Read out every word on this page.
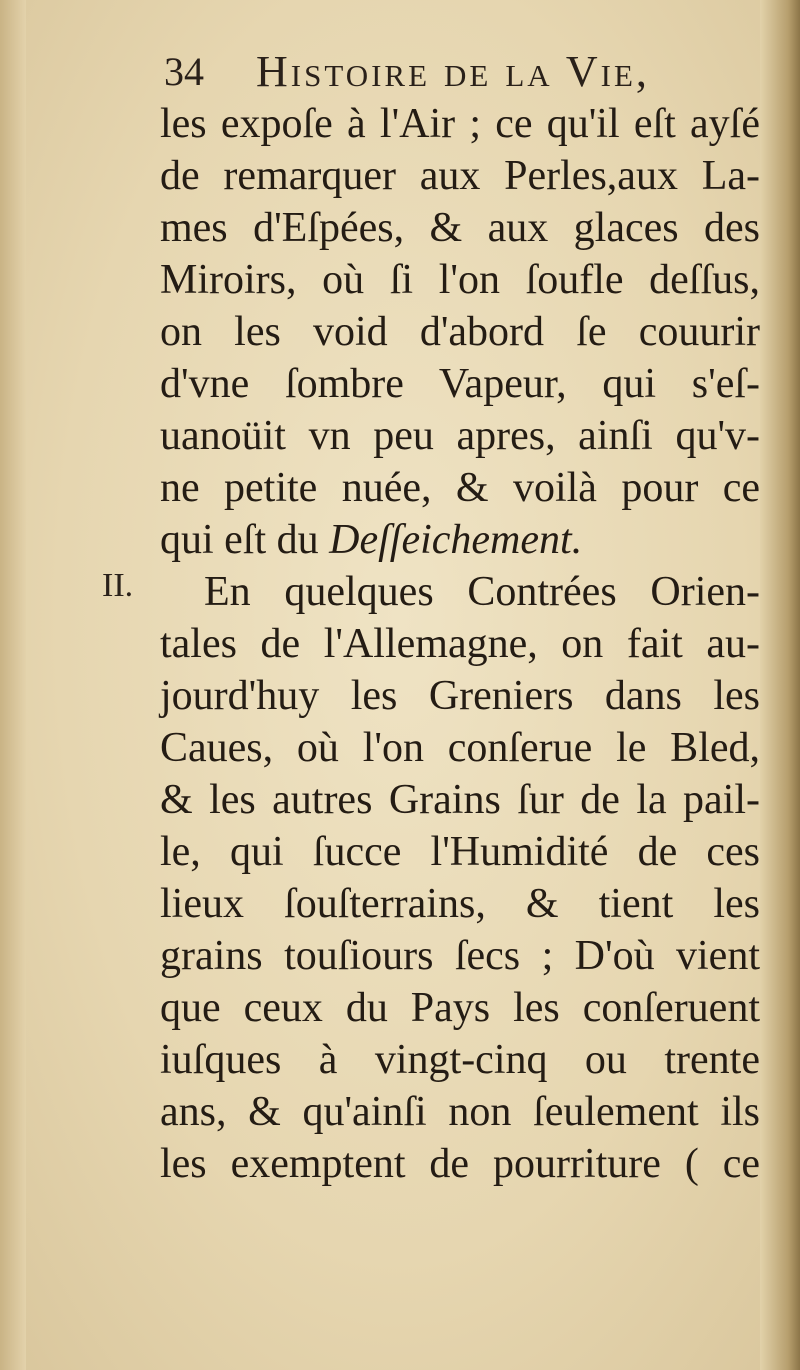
34 Histoire de la Vie,
II.
les expoſe à l'Air ; ce qu'il eſt ayſé
de remarquer aux Perles,aux La-
mes d'Eſpées, & aux glaces des
Miroirs, où ſi l'on ſoufle deſſus,
on les void d'abord ſe couurir
d'vne ſombre Vapeur, qui s'eſ-
uanoüit vn peu apres, ainſi qu'v-
ne petite nuée, & voilà pour ce
qui eſt du Deſſeichement.
En quelques Contrées Orien-
tales de l'Allemagne, on fait au-
jourd'huy les Greniers dans les
Caues, où l'on conſerue le Bled,
& les autres Grains ſur de la pail-
le, qui ſucce l'Humidité de ces
lieux ſouſterrains, & tient les
grains touſiours ſecs ; D'où vient
que ceux du Pays les conſeruent
iuſques à vingt-cinq ou trente
ans, & qu'ainſi non ſeulement ils
les exemptent de pourriture ( ce
